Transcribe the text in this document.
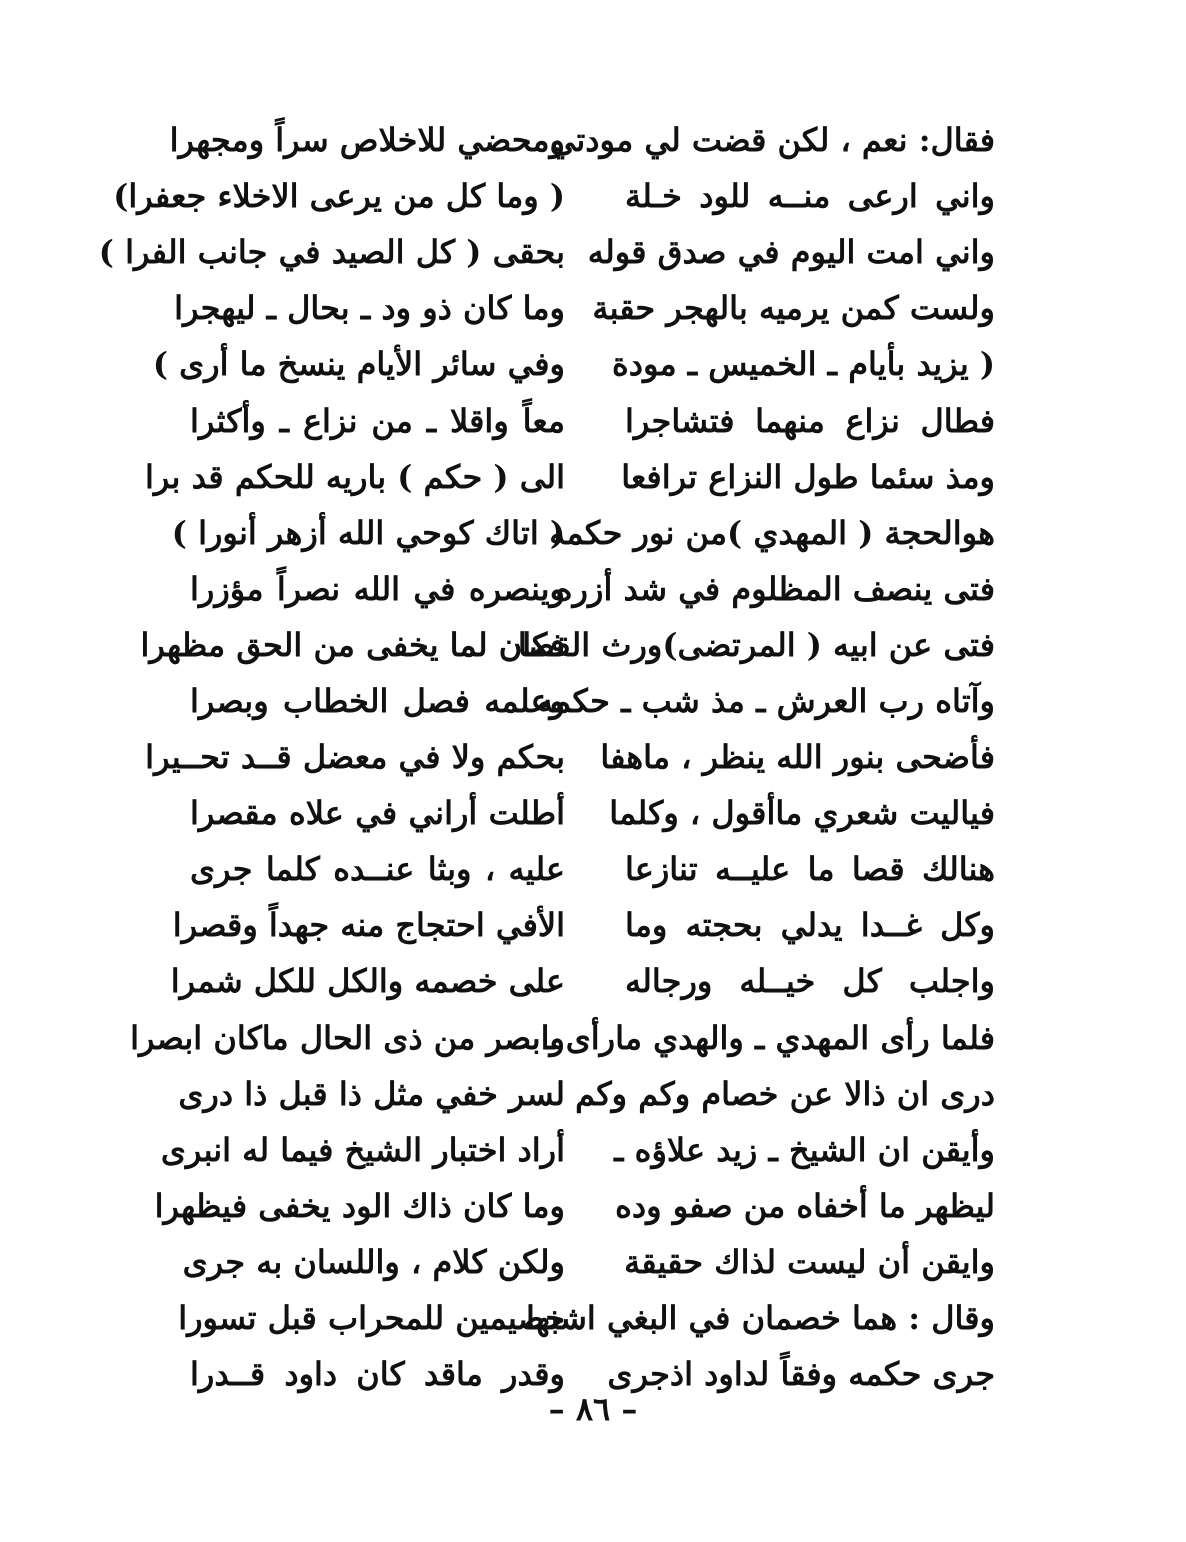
فقال: نعم ، لكن قضت لي مودتي
ومحضي للاخلاص سراً ومجهرا
واني ارعى منــه للود خـلة
( وما كل من يرعى الاخلاء جعفرا)
واني امت اليوم في صدق قوله
بحقى ( كل الصيد في جانب الفرا )
ولست كمن يرميه بالهجر حقبة
وما كان ذو ود ـ بحال ـ ليهجرا
( يزيد بأيام ـ الخميس ـ مودة
وفي سائر الأيام ينسخ ما أرى )
فطال نزاع منهما فتشاجرا
معاً واقلا ـ من نزاع ـ وأكثرا
ومذ سئما طول النزاع ترافعا
الى ( حكم ) باريه للحكم قد برا
هوالحجة ( المهدي )من نور حكمه
( اتاك كوحي الله أزهر أنورا )
فتى ينصف المظلوم في شد أزره
وينصره في الله نصراً مؤزرا
فتى عن ابيه ( المرتضى)ورث القضا
فكان لما يخفى من الحق مظهرا
وآتاه رب العرش ـ مذ شب ـ حكمه
وعلمه فصل الخطاب وبصرا
فأضحى بنور الله ينظر ، ماهفا
بحكم ولا في معضل قــد تحــيرا
فياليت شعري ماأقول ، وكلما
أطلت أراني في علاه مقصرا
هنالك قصا ما عليــه تنازعا
عليه ، وبثا عنــده كلما جرى
وكل غــدا يدلي بحجته وما
الأفي احتجاج منه جهداً وقصرا
واجلب كل خيــله ورجاله
على خصمه والكل للكل شمرا
فلما رأى المهدي ـ والهدي مارأى ـ
وابصر من ذى الحال ماكان ابصرا
درى ان ذالا عن خصام وكم وكم
لسر خفي مثل ذا قبل ذا درى
وأيقن ان الشيخ ـ زيد علاؤه ـ
أراد اختبار الشيخ فيما له انبرى
ليظهر ما أخفاه من صفو وده
وما كان ذاك الود يخفى فيظهرا
وايقن أن ليست لذاك حقيقة
ولكن كلام ، واللسان به جرى
وقال : هما خصمان في البغي اشبها
خصيمين للمحراب قبل تسورا
جرى حكمه وفقاً لداود اذجرى
وقدر ماقد كان داود قــدرا
– ٨٦ –
